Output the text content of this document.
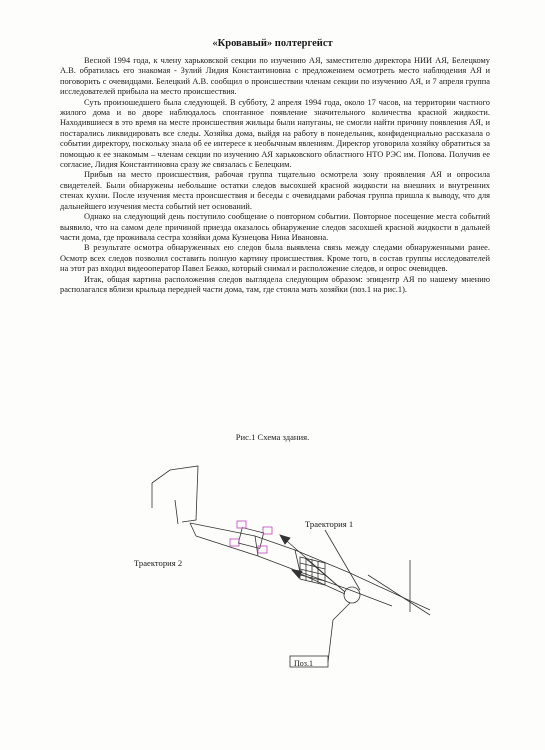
«Кровавый» полтергейст

Весной 1994 года, к члену харьковской секции по изучению АЯ, заместителю директора НИИ АЯ, Белецкому А.В. обратилась его знакомая - Зулий Лидия Константиновна с предложением осмотреть место наблюдения АЯ и поговорить с очевидцами. Белецкий А.В. сообщил о происшествии членам секции по изучению АЯ, и 7 апреля группа исследователей прибыла на место происшествия.

Суть произошедшего была следующей. В субботу, 2 апреля 1994 года, около 17 часов, на территории частного жилого дома и во дворе наблюдалось спонтанное появление значительного количества красной жидкости. Находившиеся в это время на месте происшествия жильцы были напуганы, не смогли найти причину появления АЯ, и постарались ликвидировать все следы. Хозяйка дома, выйдя на работу в понедельник, конфиденциально рассказала о событии директору, поскольку знала об ее интересе к необычным явлениям. Директор уговорила хозяйку обратиться за помощью к ее знакомым – членам секции по изучению АЯ харьковского областного НТО РЭС им. Попова. Получив ее согласие, Лидия Константиновна сразу же связалась с Белецким.

Прибыв на место происшествия, рабочая группа тщательно осмотрела зону проявления АЯ и опросила свидетелей. Были обнаружены небольшие остатки следов высохшей красной жидкости на внешних и внутренних стенах кухни. После изучения места происшествия и беседы с очевидцами рабочая группа пришла к выводу, что для дальнейшего изучения места событий нет оснований.

Однако на следующий день поступило сообщение о повторном событии. Повторное посещение места событий выявило, что на самом деле причиной приезда оказалось обнаружение следов засохшей красной жидкости в дальней части дома, где проживала сестра хозяйки дома Кузнецова Нина Ивановна.

В результате осмотра обнаруженных ею следов была выявлена связь между следами обнаруженными ранее. Осмотр всех следов позволил составить полную картину происшествия. Кроме того, в состав группы исследователей на этот раз входил видеооператор Павел Бежко, который снимал и расположение следов, и опрос очевидцев.

Итак, общая картина расположения следов выглядела следующим образом: эпицентр АЯ по нашему мнению располагался вблизи крыльца передней части дома, там, где стояла мать хозяйки (поз.1 на рис.1).

Рис.1 Схема здания.
Траектория 1
Траектория 2
Поз.1
